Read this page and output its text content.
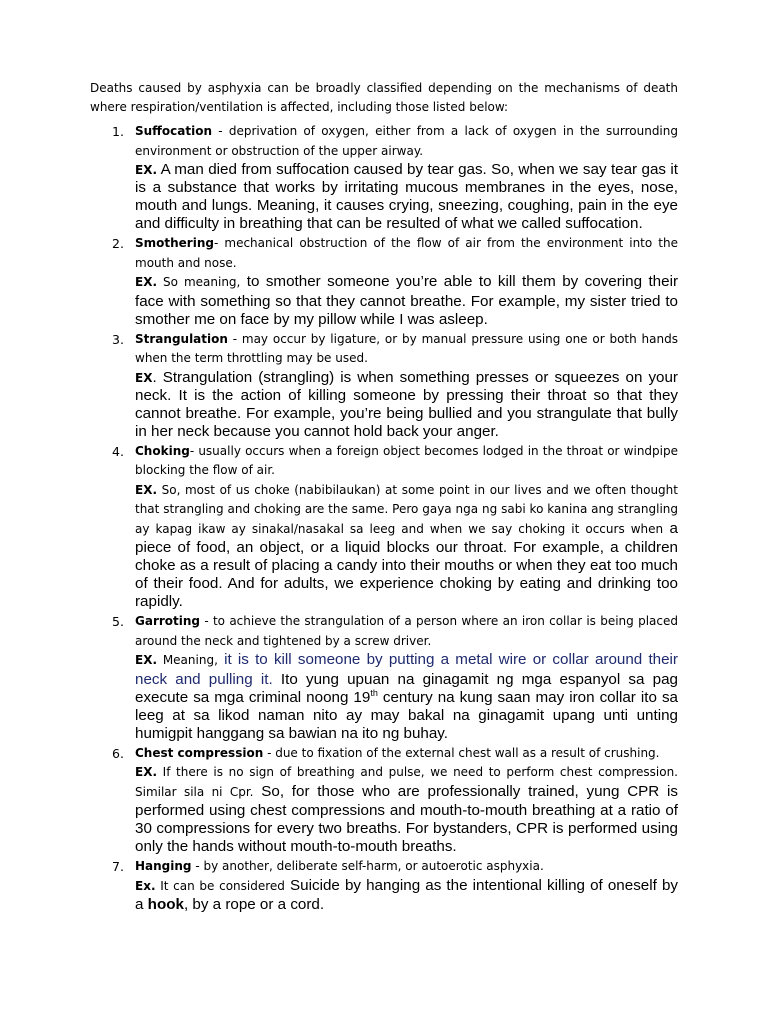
Deaths caused by asphyxia can be broadly classified depending on the mechanisms of death where respiration/ventilation is affected, including those listed below:

1. Suffocation - deprivation of oxygen, either from a lack of oxygen in the surrounding environment or obstruction of the upper airway.

EX. A man died from suffocation caused by tear gas. So, when we say tear gas it is a substance that works by irritating mucous membranes in the eyes, nose, mouth and lungs. Meaning, it causes crying, sneezing, coughing, pain in the eye and difficulty in breathing that can be resulted of what we called suffocation.

2. Smothering- mechanical obstruction of the flow of air from the environment into the mouth and nose.

EX. So meaning, to smother someone you’re able to kill them by covering their face with something so that they cannot breathe. For example, my sister tried to smother me on face by my pillow while I was asleep.

3. Strangulation - may occur by ligature, or by manual pressure using one or both hands when the term throttling may be used.

EX. Strangulation (strangling) is when something presses or squeezes on your neck. It is the action of killing someone by pressing their throat so that they cannot breathe. For example, you’re being bullied and you strangulate that bully in her neck because you cannot hold back your anger.

4. Choking- usually occurs when a foreign object becomes lodged in the throat or windpipe blocking the flow of air.

EX. So, most of us choke (nabibilaukan) at some point in our lives and we often thought that strangling and choking are the same. Pero gaya nga ng sabi ko kanina ang strangling ay kapag ikaw ay sinakal/nasakal sa leeg and when we say choking it occurs when a piece of food, an object, or a liquid blocks our throat. For example, a children choke as a result of placing a candy into their mouths or when they eat too much of their food. And for adults, we experience choking by eating and drinking too rapidly.

5. Garroting - to achieve the strangulation of a person where an iron collar is being placed around the neck and tightened by a screw driver.

EX. Meaning, it is to kill someone by putting a metal wire or collar around their neck and pulling it. Ito yung upuan na ginagamit ng mga espanyol sa pag execute sa mga criminal noong 19th century na kung saan may iron collar ito sa leeg at sa likod naman nito ay may bakal na ginagamit upang unti unting humigpit hanggang sa bawian na ito ng buhay.

6. Chest compression - due to fixation of the external chest wall as a result of crushing.

EX. If there is no sign of breathing and pulse, we need to perform chest compression. Similar sila ni Cpr. So, for those who are professionally trained, yung CPR is performed using chest compressions and mouth-to-mouth breathing at a ratio of 30 compressions for every two breaths. For bystanders, CPR is performed using only the hands without mouth-to-mouth breaths.

7. Hanging - by another, deliberate self-harm, or autoerotic asphyxia.

Ex. It can be considered Suicide by hanging as the intentional killing of oneself by a hook, by a rope or a cord.
